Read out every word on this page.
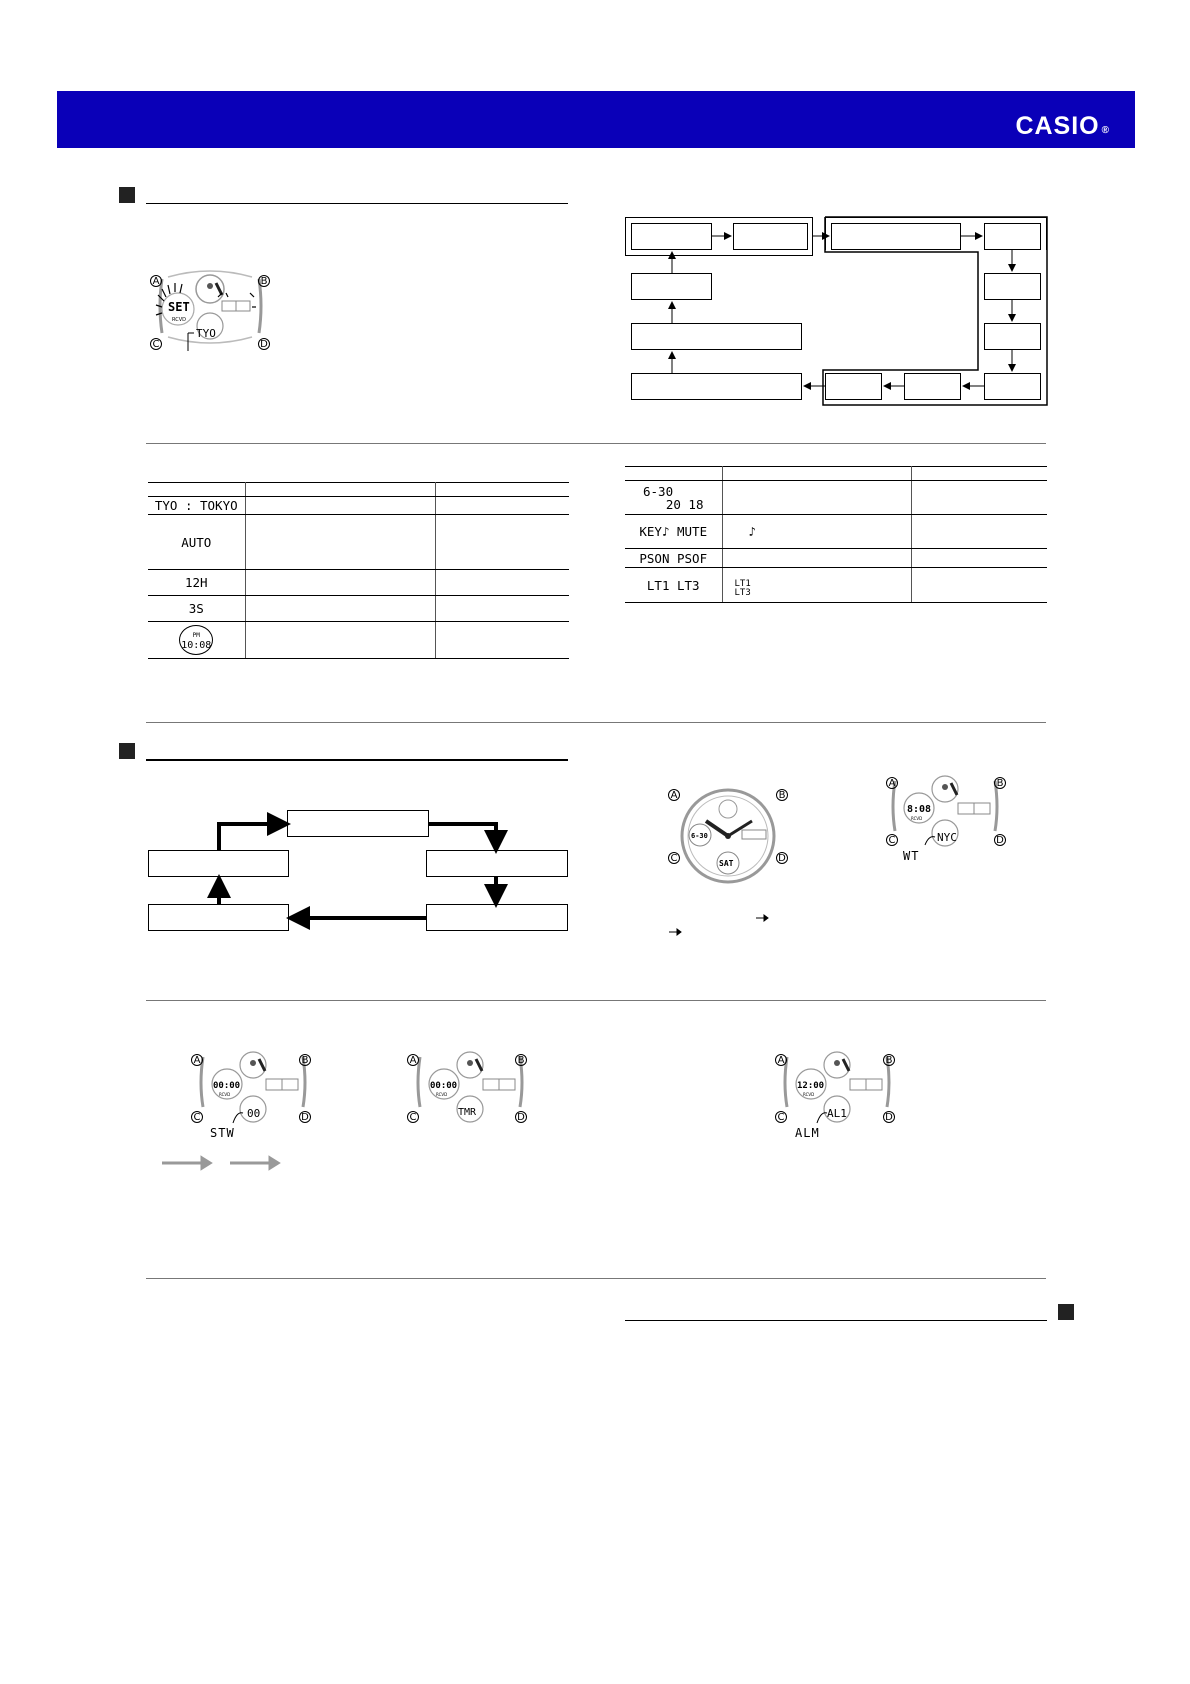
CASIO ®
SET
RCVD
TYO
A	B
C	D

TYO : TOKYO		
AUTO		
12H		
3S		

PM
10:08		

6-30
20 18		

KEY♪ MUTE	♪	
PSON PSOF		
LT1 LT3	LT1
LT3	

6-30
SAT
A	B
C	D
8:08
RCVD
NYC
A	B
C	D
WT
00:00
RCVD
00
A	B
C	D
STW
00:00
RCVD
TMR
A	B
C	D
12:00
RCVD
AL1
A	B
C	D
ALM
